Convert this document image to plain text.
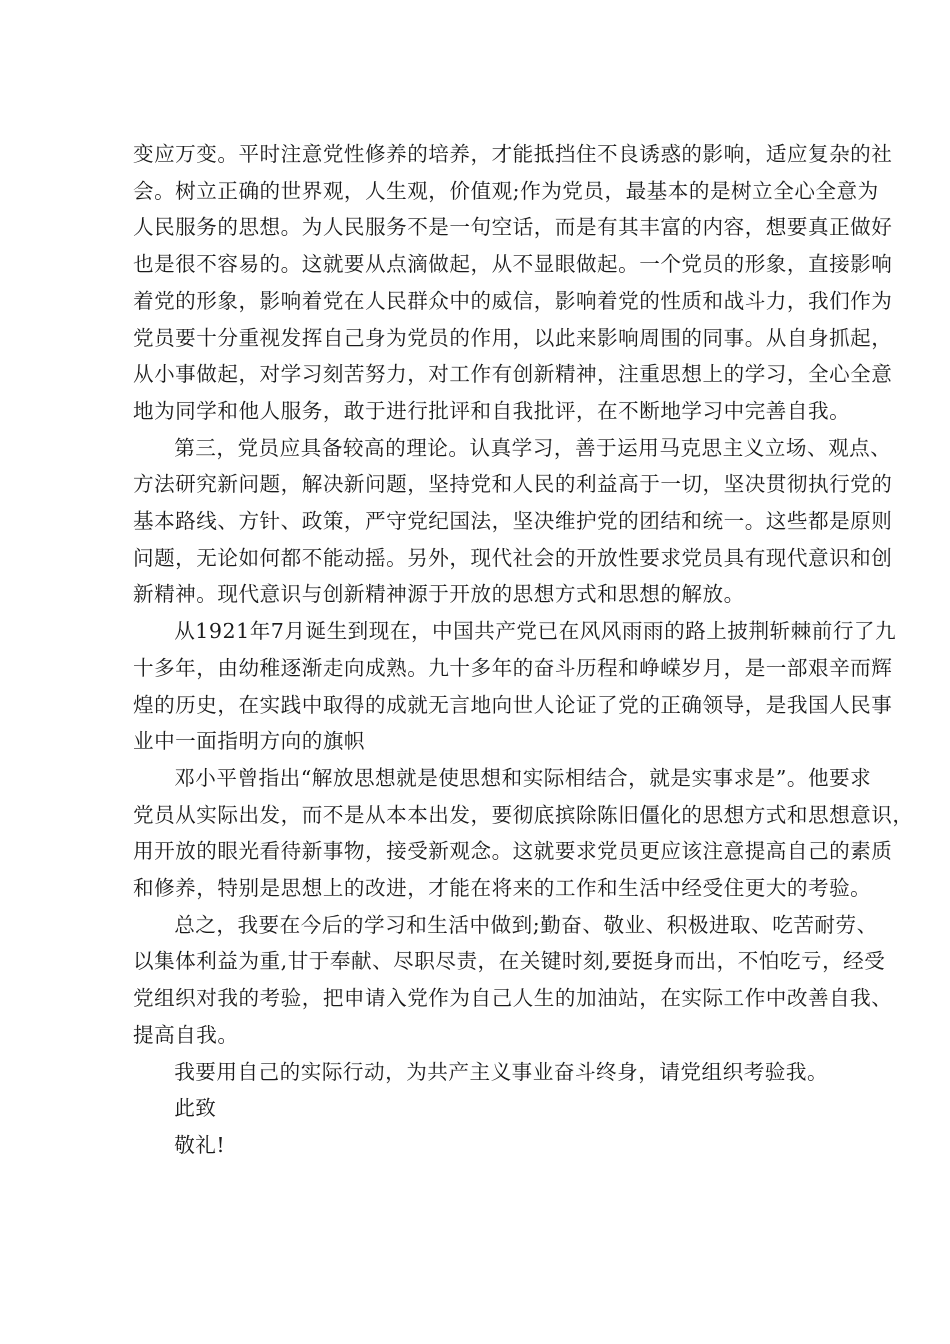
变应万变。平时注意党性修养的培养，才能抵挡住不良诱惑的影响，适应复杂的社
会。树立正确的世界观，人生观，价值观;作为党员，最基本的是树立全心全意为
人民服务的思想。为人民服务不是一句空话，而是有其丰富的内容，想要真正做好
也是很不容易的。这就要从点滴做起，从不显眼做起。一个党员的形象，直接影响
着党的形象，影响着党在人民群众中的威信，影响着党的性质和战斗力，我们作为
党员要十分重视发挥自己身为党员的作用，以此来影响周围的同事。从自身抓起，
从小事做起，对学习刻苦努力，对工作有创新精神，注重思想上的学习，全心全意
地为同学和他人服务，敢于进行批评和自我批评，在不断地学习中完善自我。

第三，党员应具备较高的理论。认真学习，善于运用马克思主义立场、观点、
方法研究新问题，解决新问题，坚持党和人民的利益高于一切，坚决贯彻执行党的
基本路线、方针、政策，严守党纪国法，坚决维护党的团结和统一。这些都是原则
问题，无论如何都不能动摇。另外，现代社会的开放性要求党员具有现代意识和创
新精神。现代意识与创新精神源于开放的思想方式和思想的解放。

从1921年7月诞生到现在，中国共产党已在风风雨雨的路上披荆斩棘前行了九
十多年，由幼稚逐渐走向成熟。九十多年的奋斗历程和峥嵘岁月，是一部艰辛而辉
煌的历史，在实践中取得的成就无言地向世人论证了党的正确领导，是我国人民事
业中一面指明方向的旗帜

邓小平曾指出“解放思想就是使思想和实际相结合，就是实事求是”。他要求
党员从实际出发，而不是从本本出发，要彻底摈除陈旧僵化的思想方式和思想意识，
用开放的眼光看待新事物，接受新观念。这就要求党员更应该注意提高自己的素质
和修养，特别是思想上的改进，才能在将来的工作和生活中经受住更大的考验。

总之，我要在今后的学习和生活中做到;勤奋、敬业、积极进取、吃苦耐劳、
以集体利益为重,甘于奉献、尽职尽责，在关键时刻,要挺身而出，不怕吃亏，经受
党组织对我的考验，把申请入党作为自己人生的加油站，在实际工作中改善自我、
提高自我。

我要用自己的实际行动，为共产主义事业奋斗终身，请党组织考验我。

此致

敬礼!
